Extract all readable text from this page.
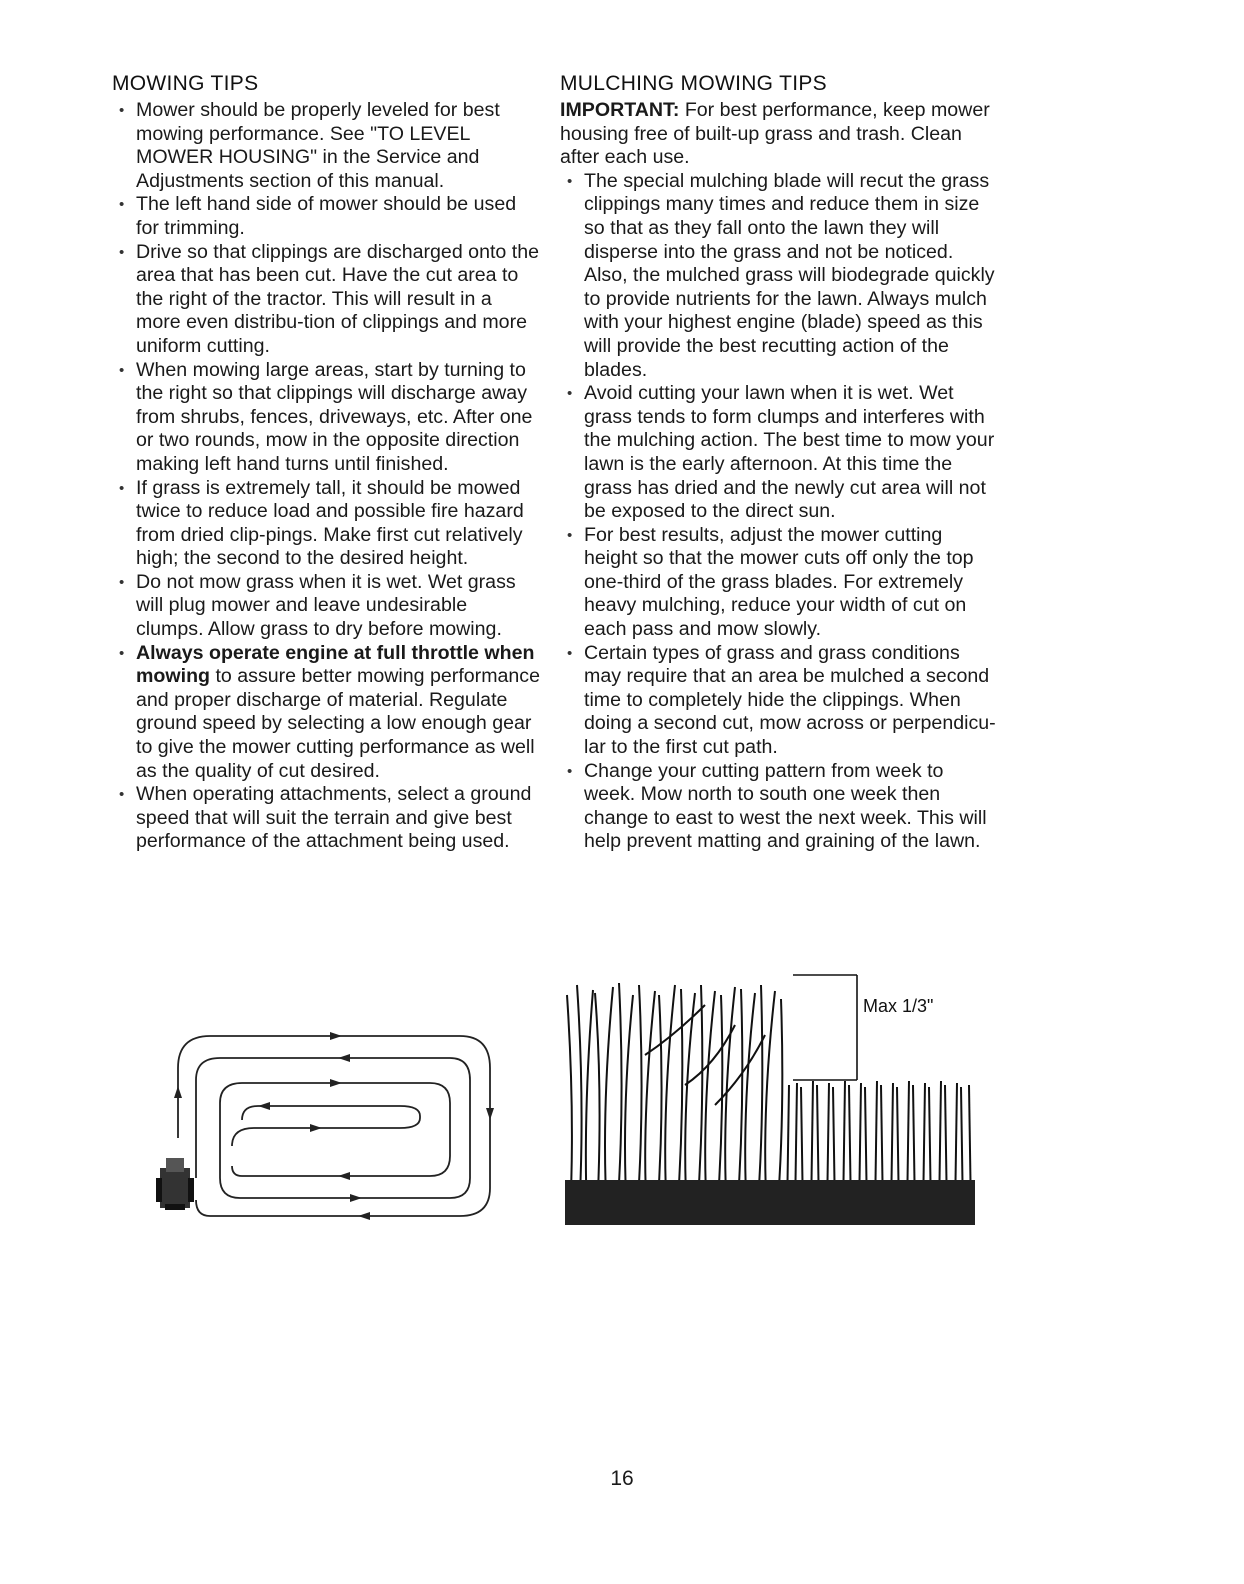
MOWING TIPS
• Mower should be properly leveled for best mowing performance. See "TO LEVEL MOWER HOUSING" in the Service and Adjustments section of this manual.
• The left hand side of mower should be used for trimming.
• Drive so that clippings are discharged onto the area that has been cut. Have the cut area to the right of the tractor. This will result in a more even distribu-tion of clippings and more uniform cutting.
• When mowing large areas, start by turning to the right so that clippings will discharge away from shrubs, fences, driveways, etc. After one or two rounds, mow in the opposite direction making left hand turns until finished.
• If grass is extremely tall, it should be mowed twice to reduce load and possible fire hazard from dried clip-pings. Make first cut relatively high; the second to the desired height.
• Do not mow grass when it is wet. Wet grass will plug mower and leave undesirable clumps. Allow grass to dry before mowing.
• Always operate engine at full throttle when mowing to assure better mowing performance and proper discharge of material. Regulate ground speed by selecting a low enough gear to give the mower cutting performance as well as the quality of cut desired.
• When operating attachments, select a ground speed that will suit the terrain and give best performance of the attachment being used.
MULCHING MOWING TIPS

IMPORTANT: For best performance, keep mower housing free of built-up grass and trash. Clean after each use.

• The special mulching blade will recut the grass clippings many times and reduce them in size so that as they fall onto the lawn they will disperse into the grass and not be noticed. Also, the mulched grass will biodegrade quickly to provide nutrients for the lawn. Always mulch with your highest engine (blade) speed as this will provide the best recutting action of the blades.
• Avoid cutting your lawn when it is wet. Wet grass tends to form clumps and interferes with the mulching action. The best time to mow your lawn is the early afternoon. At this time the grass has dried and the newly cut area will not be exposed to the direct sun.
• For best results, adjust the mower cutting height so that the mower cuts off only the top one-third of the grass blades. For extremely heavy mulching, reduce your width of cut on each pass and mow slowly.
• Certain types of grass and grass conditions may require that an area be mulched a second time to completely hide the clippings. When doing a second cut, mow across or perpendicu-lar to the first cut path.
• Change your cutting pattern from week to week. Mow north to south one week then change to east to west the next week. This will help prevent matting and graining of the lawn.
Max 1/3"
16
